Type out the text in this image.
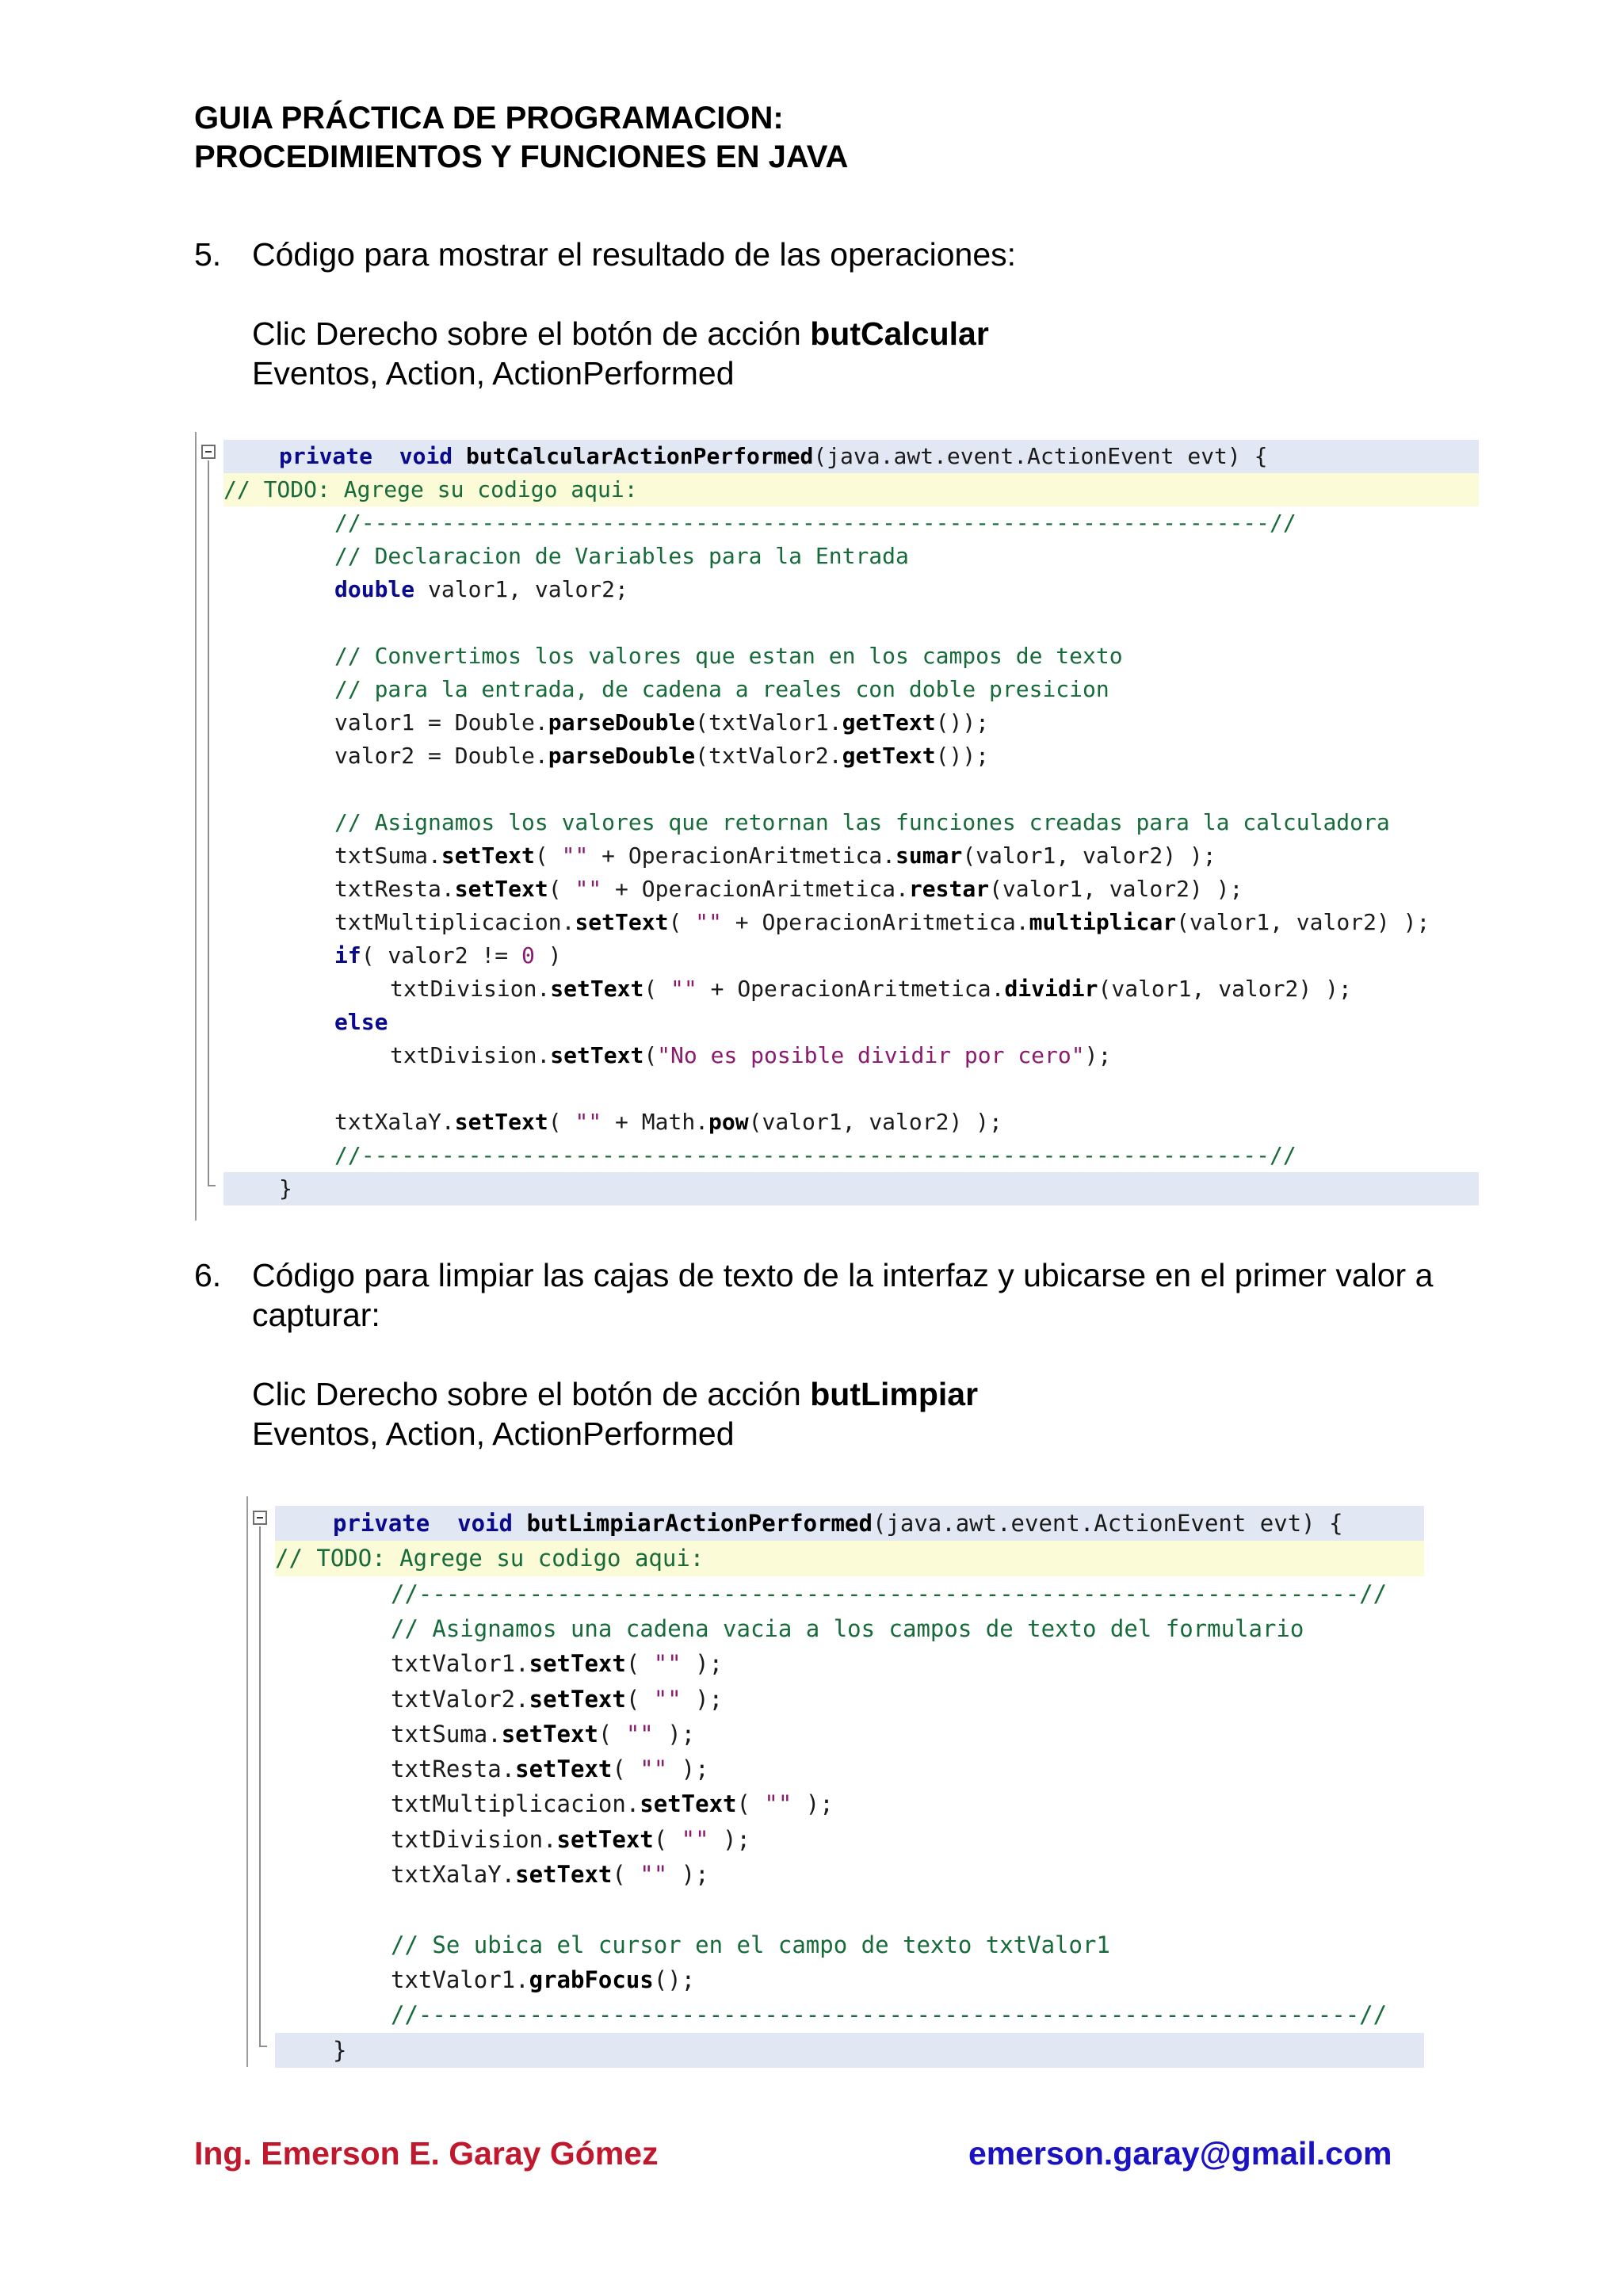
GUIA PRÁCTICA DE PROGRAMACION:
PROCEDIMIENTOS Y FUNCIONES EN JAVA
5. Código para mostrar el resultado de las operaciones:
Clic Derecho sobre el botón de acción butCalcular
Eventos, Action, ActionPerformed
private void butCalcularActionPerformed(java.awt.event.ActionEvent evt) {
// TODO: Agrege su codigo aqui:
//--------------------------------------------------------------------//
// Declaracion de Variables para la Entrada
double valor1, valor2;
// Convertimos los valores que estan en los campos de texto
// para la entrada, de cadena a reales con doble presicion
valor1 = Double.parseDouble(txtValor1.getText());
valor2 = Double.parseDouble(txtValor2.getText());
// Asignamos los valores que retornan las funciones creadas para la calculadora
txtSuma.setText( "" + OperacionAritmetica.sumar(valor1, valor2) );
txtResta.setText( "" + OperacionAritmetica.restar(valor1, valor2) );
txtMultiplicacion.setText( "" + OperacionAritmetica.multiplicar(valor1, valor2) );
if( valor2 != 0 )
txtDivision.setText( "" + OperacionAritmetica.dividir(valor1, valor2) );
else
txtDivision.setText("No es posible dividir por cero");
txtXalaY.setText( "" + Math.pow(valor1, valor2) );
//--------------------------------------------------------------------//
}
6. Código para limpiar las cajas de texto de la interfaz y ubicarse en el primer valor a
capturar:
Clic Derecho sobre el botón de acción butLimpiar
Eventos, Action, ActionPerformed
private void butLimpiarActionPerformed(java.awt.event.ActionEvent evt) {
// TODO: Agrege su codigo aqui:
//--------------------------------------------------------------------//
// Asignamos una cadena vacia a los campos de texto del formulario
txtValor1.setText( "" );
txtValor2.setText( "" );
txtSuma.setText( "" );
txtResta.setText( "" );
txtMultiplicacion.setText( "" );
txtDivision.setText( "" );
txtXalaY.setText( "" );
// Se ubica el cursor en el campo de texto txtValor1
txtValor1.grabFocus();
//--------------------------------------------------------------------//
}
Ing. Emerson E. Garay Gómez	emerson.garay@gmail.com
